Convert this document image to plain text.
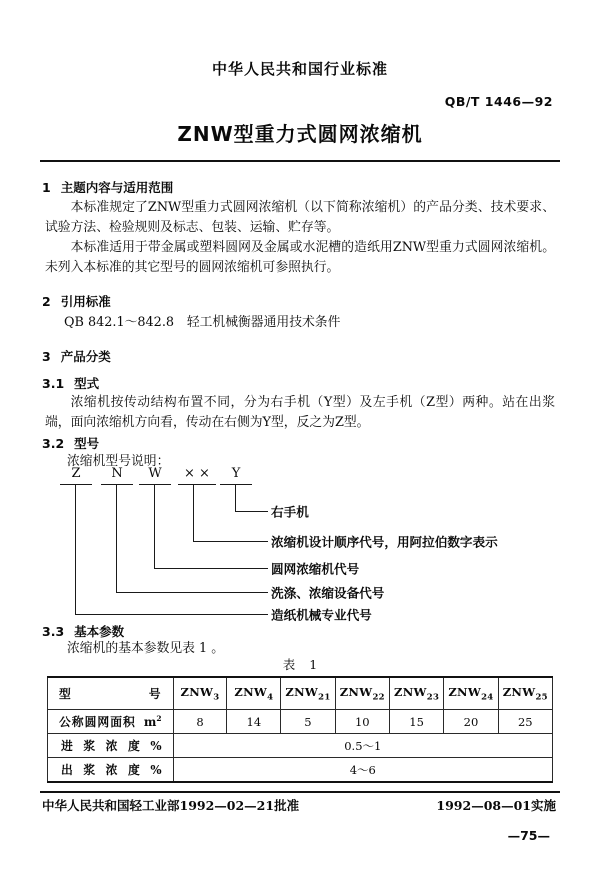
中华人民共和国行业标准
QB/T 1446—92
ZNW型重力式圆网浓缩机
1 主题内容与适用范围
本标准规定了ZNW型重力式圆网浓缩机（以下简称浓缩机）的产品分类、技术要求、试验方法、检验规则及标志、包装、运输、贮存等。
本标准适用于带金属或塑料圆网及金属或水泥槽的造纸用ZNW型重力式圆网浓缩机。未列入本标准的其它型号的圆网浓缩机可参照执行。
2 引用标准
QB 842.1～842.8　轻工机械衡器通用技术条件
3 产品分类
3.1 型式
浓缩机按传动结构布置不同，分为右手机（Y型）及左手机（Z型）两种。站在出浆端，面向浓缩机方向看，传动在右侧为Y型，反之为Z型。
3.2 型号
浓缩机型号说明：
Z	N	W	× ×	Y
右手机
浓缩机设计顺序代号，用阿拉伯数字表示
圆网浓缩机代号
洗涤、浓缩设备代号
造纸机械专业代号
3.3 基本参数
浓缩机的基本参数见表 1 。
表 1
型 号	$ZNW_3$	$ZNW_4$	$ZNW_{21}$	$ZNW_{22}$	$ZNW_{23}$	$ZNW_{24}$	$ZNW_{25}$

公称圆网面积 $m^2$	8	14	5	10	15	20	25

进 浆 浓 度 %	0.5～1						

出 浆 浓 度 %	4～6						
中华人民共和国轻工业部1992—02—21批准	1992—08—01实施
—75—
